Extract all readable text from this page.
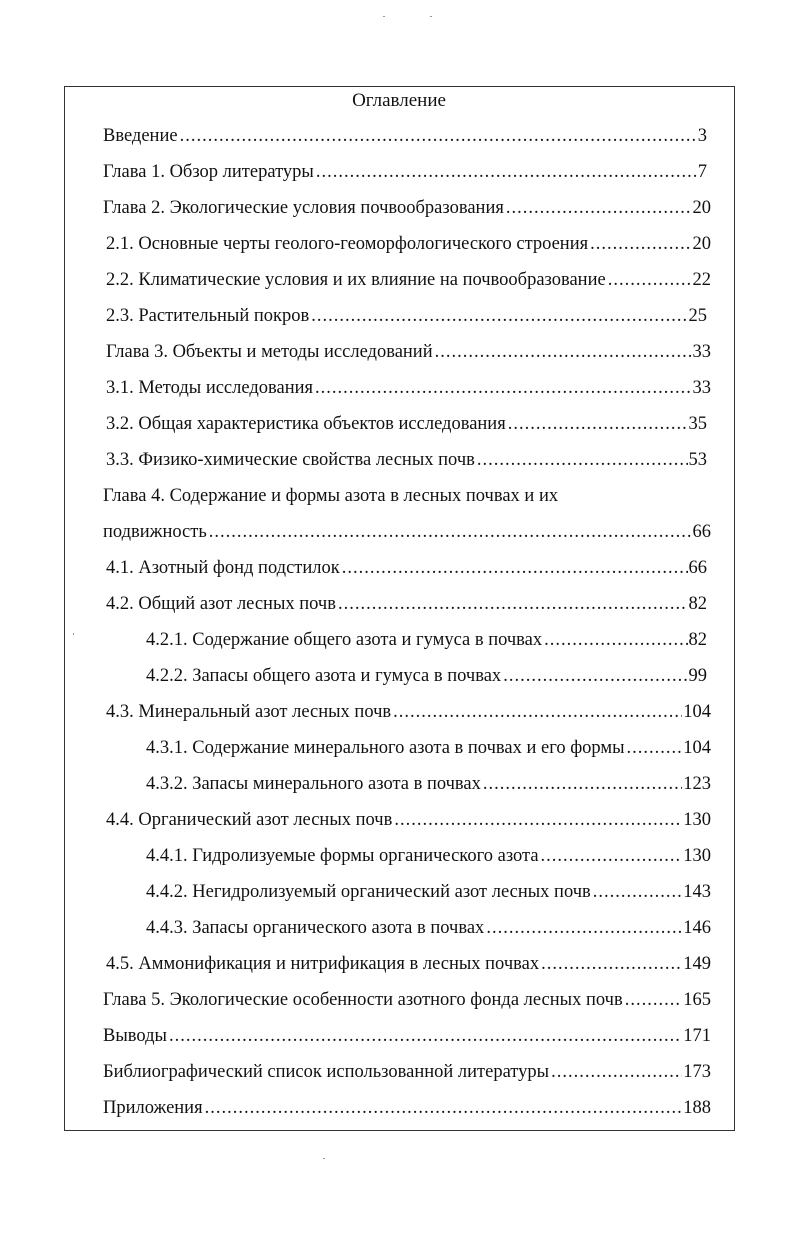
Оглавление
Введение .....	3
Глава 1. Обзор литературы .....	7
Глава 2. Экологические условия почвообразования .....	20
2.1. Основные черты геолого-геоморфологического строения .....	20
2.2. Климатические условия и их влияние на почвообразование .....	22
2.3. Растительный покров .....	25
Глава 3. Объекты и методы исследований .....	33
3.1. Методы исследования .....	33
3.2. Общая характеристика объектов исследования .....	35
3.3. Физико-химические свойства лесных почв .....	53
Глава 4. Содержание и формы азота в лесных почвах и их
подвижность .....	66
4.1. Азотный фонд подстилок .....	66
4.2. Общий азот лесных почв .....	82
4.2.1. Содержание общего азота и гумуса в почвах .....	82
4.2.2. Запасы общего азота и гумуса в почвах .....	99
4.3. Минеральный азот лесных почв .....	104
4.3.1. Содержание минерального азота в почвах и его формы .....	104
4.3.2. Запасы минерального азота в почвах .....	123
4.4. Органический азот лесных почв .....	130
4.4.1. Гидролизуемые формы органического азота .....	130
4.4.2. Негидролизуемый органический азот лесных почв .....	143
4.4.3. Запасы органического азота в почвах .....	146
4.5. Аммонификация и нитрификация в лесных почвах .....	149
Глава 5. Экологические особенности азотного фонда лесных почв .....	165
Выводы .....	171
Библиографический список использованной литературы .....	173
Приложения .....	188
